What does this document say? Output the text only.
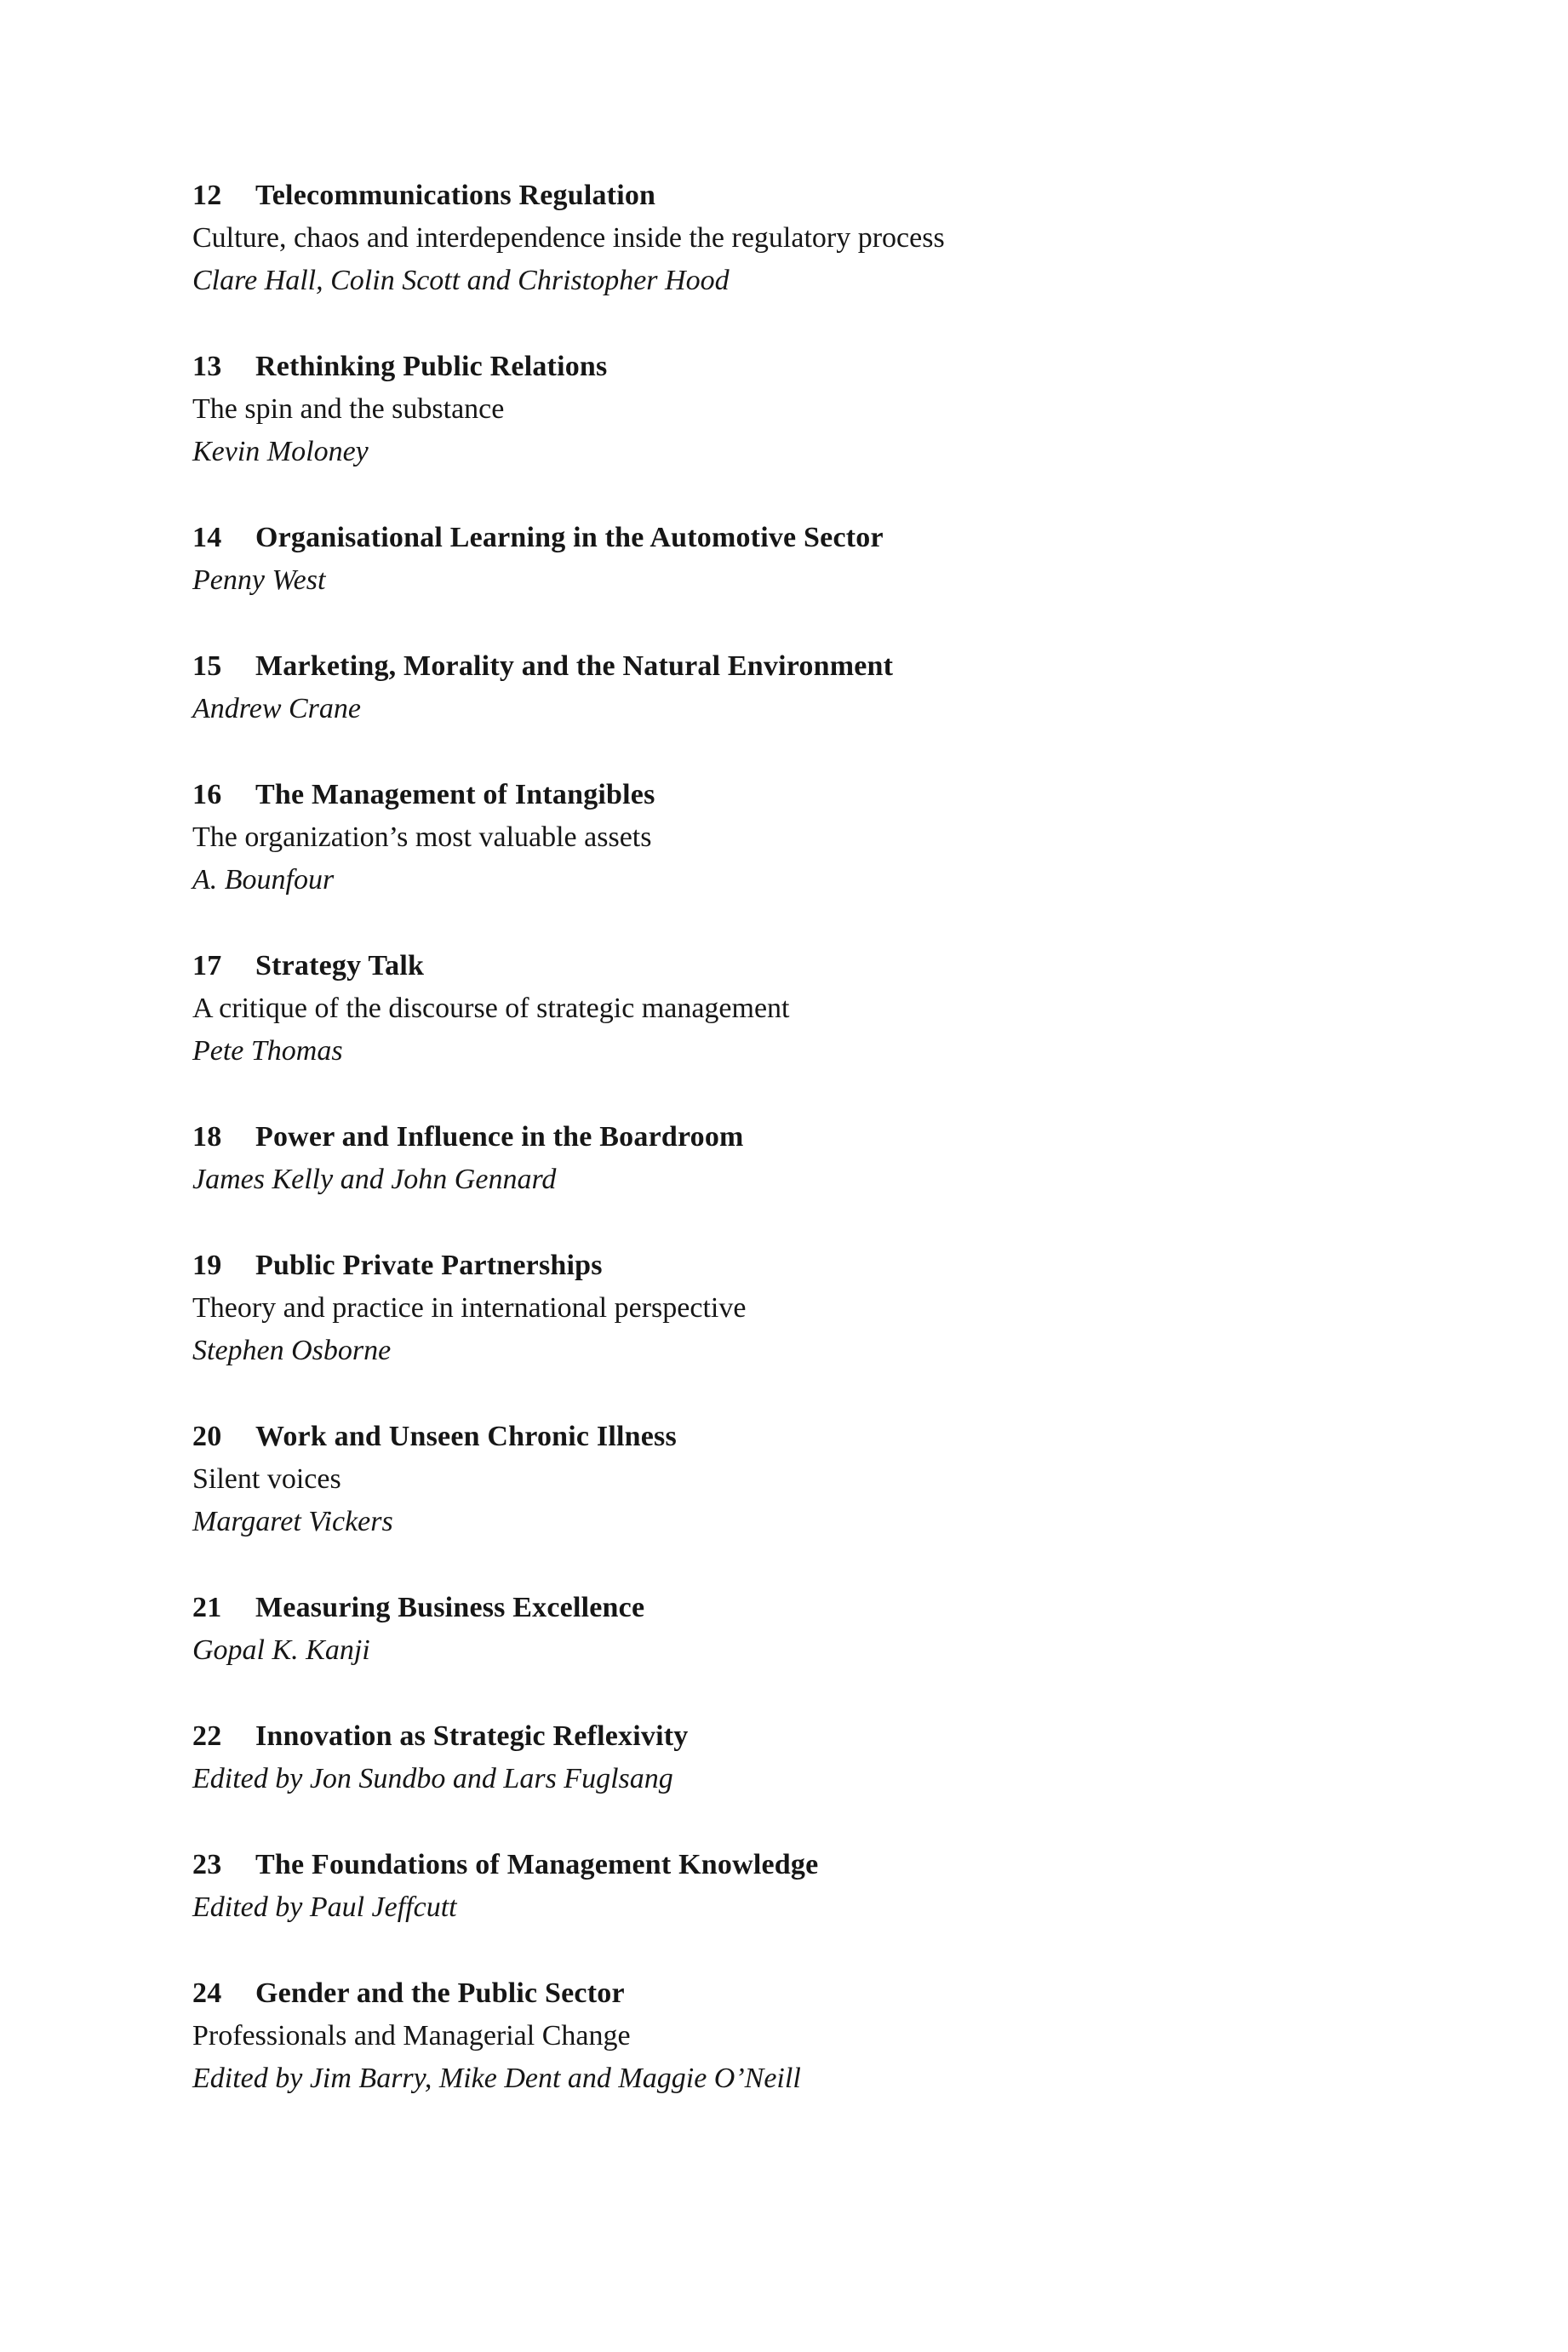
12 Telecommunications Regulation
Culture, chaos and interdependence inside the regulatory process
Clare Hall, Colin Scott and Christopher Hood
13 Rethinking Public Relations
The spin and the substance
Kevin Moloney
14 Organisational Learning in the Automotive Sector
Penny West
15 Marketing, Morality and the Natural Environment
Andrew Crane
16 The Management of Intangibles
The organization’s most valuable assets
A. Bounfour
17 Strategy Talk
A critique of the discourse of strategic management
Pete Thomas
18 Power and Influence in the Boardroom
James Kelly and John Gennard
19 Public Private Partnerships
Theory and practice in international perspective
Stephen Osborne
20 Work and Unseen Chronic Illness
Silent voices
Margaret Vickers
21 Measuring Business Excellence
Gopal K. Kanji
22 Innovation as Strategic Reflexivity
Edited by Jon Sundbo and Lars Fuglsang
23 The Foundations of Management Knowledge
Edited by Paul Jeffcutt
24 Gender and the Public Sector
Professionals and Managerial Change
Edited by Jim Barry, Mike Dent and Maggie O’Neill
